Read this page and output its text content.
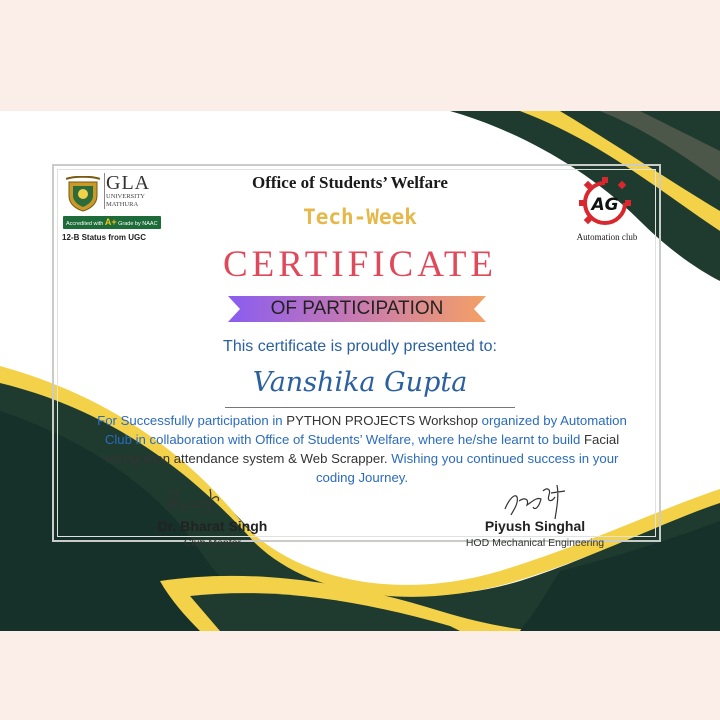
GLA
UNIVERSITY
MATHURA
Accredited with A+ Grade by NAAC
12-B Status from UGC
AG
Automation club
Office of Students’ Welfare
Tech-Week
CERTIFICATE
OF PARTICIPATION
This certificate is proudly presented to:
Vanshika Gupta
For Successfully participation in PYTHON PROJECTS Workshop organized by Automation Club in collaboration with Office of Students’ Welfare, where he/she learnt to build Facial recognition attendance system & Web Scrapper. Wishing you continued success in your coding Journey.
Dr. Bharat Singh
Club Mentor
Piyush Singhal
HOD Mechanical Engineering
